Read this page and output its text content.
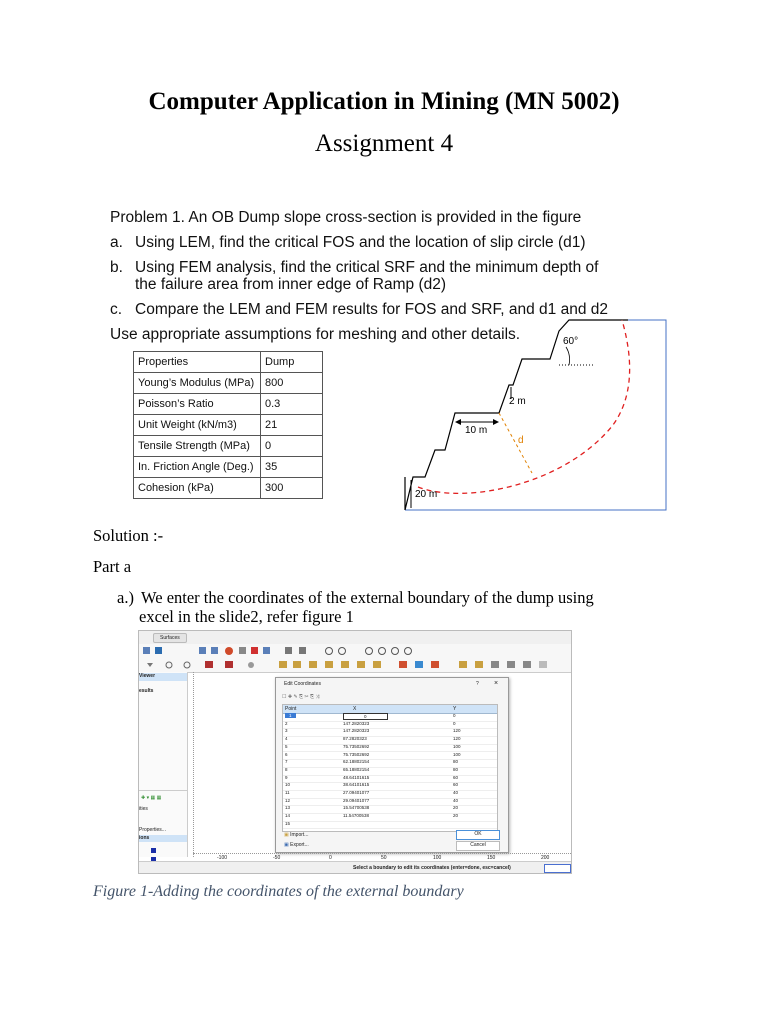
Computer Application in Mining (MN 5002)
Assignment 4
Problem 1. An OB Dump slope cross-section is provided in the figure
a. Using LEM, find the critical FOS and the location of slip circle (d1)
b. Using FEM analysis, find the critical SRF and the minimum depth of
the failure area from inner edge of Ramp (d2)
c. Compare the LEM and FEM results for FOS and SRF, and d1 and d2
Use appropriate assumptions for meshing and other details.
Properties	Dump
Young’s Modulus (MPa)	800
Poisson’s Ratio	0.3
Unit Weight (kN/m3)	21
Tensile Strength (MPa)	0
In. Friction Angle (Deg.)	35
Cohesion (kPa)	300
60°
2 m
10 m
d
20 m
Solution :-
Part a
a.) We enter the coordinates of the external boundary of the dump using
excel in the slide2, refer figure 1
Surfaces
Viewer
esults
✚ ▾ ▦ ▦
ities
Properties...
ions
Edit Coordinates	? ×
☐ ✚ ✎ ⎘ ✂ ⎘ ⤨
Point	X	Y
1	0	0
2	147.2820323	0
3	147.2820323	120
4	87.2820323	120
5	75.73502692	100
6	75.73502692	100
7	62.18802154	80
8	65.18802154	80
9	48.64101615	60
10	38.64101615	60
11	27.09401077	40
12	29.09401077	40
13	15.54700538	20
14	11.54700538	20
15
▣ Import...
▣ Export...
OK
Cancel
-100	-50	0	50	100	150	200
Select a boundary to edit its coordinates (enter=done, esc=cancel)
Figure 1-Adding the coordinates of the external boundary
